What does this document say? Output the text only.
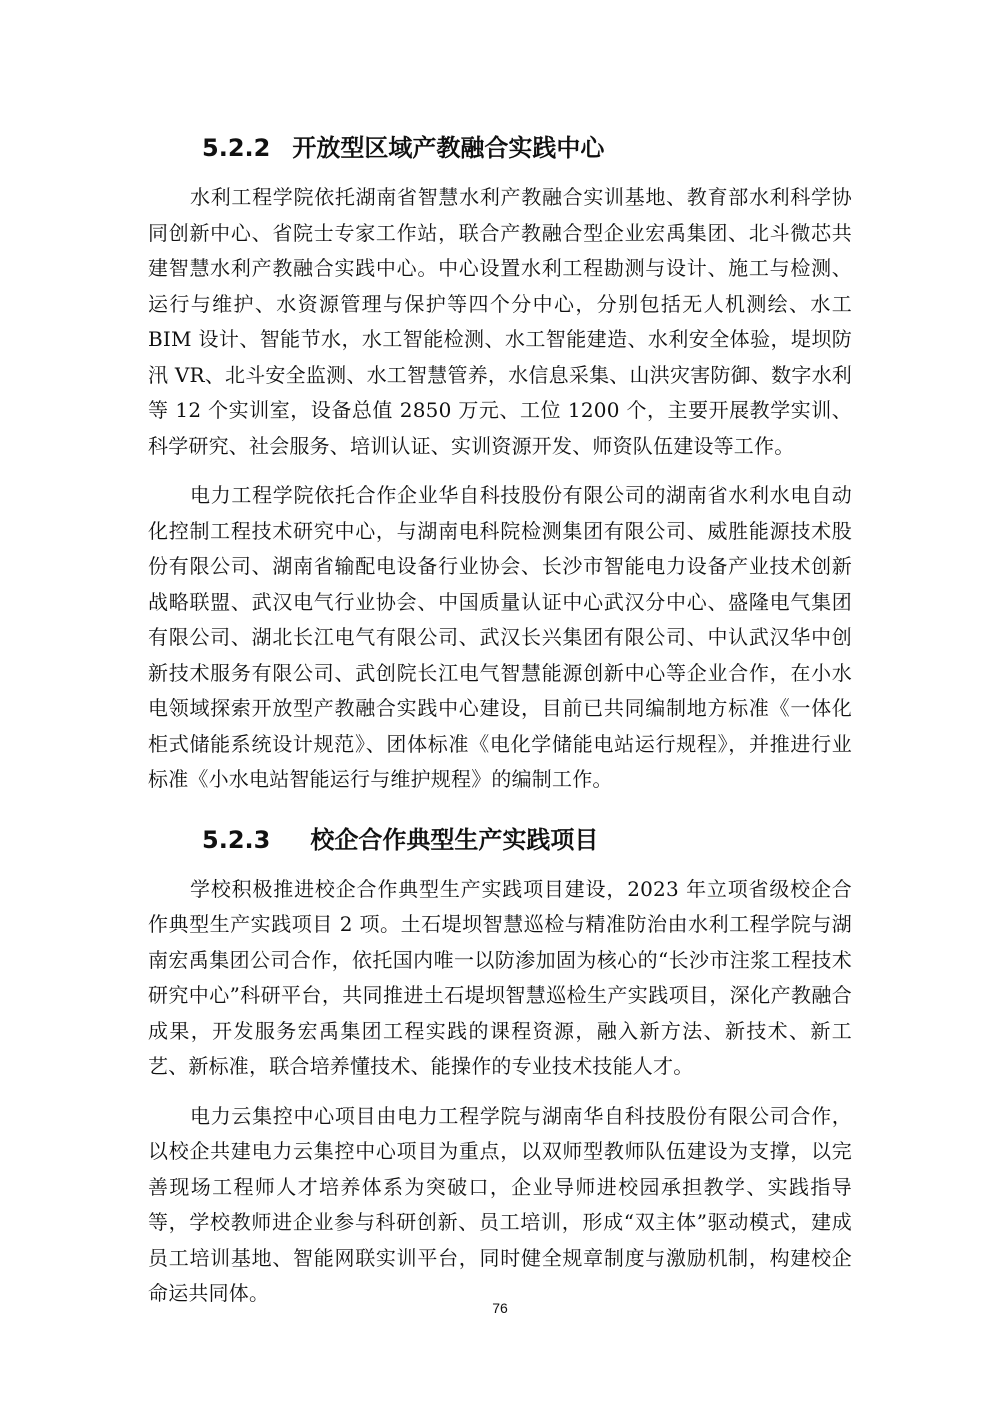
5.2.2 开放型区域产教融合实践中心

水利工程学院依托湖南省智慧水利产教融合实训基地、教育部水利科学协同创新中心、省院士专家工作站，联合产教融合型企业宏禹集团、北斗微芯共建智慧水利产教融合实践中心。中心设置水利工程勘测与设计、施工与检测、运行与维护、水资源管理与保护等四个分中心，分别包括无人机测绘、水工 BIM 设计、智能节水，水工智能检测、水工智能建造、水利安全体验，堤坝防汛 VR、北斗安全监测、水工智慧管养，水信息采集、山洪灾害防御、数字水利等 12 个实训室，设备总值 2850 万元、工位 1200 个，主要开展教学实训、科学研究、社会服务、培训认证、实训资源开发、师资队伍建设等工作。

电力工程学院依托合作企业华自科技股份有限公司的湖南省水利水电自动化控制工程技术研究中心，与湖南电科院检测集团有限公司、威胜能源技术股份有限公司、湖南省输配电设备行业协会、长沙市智能电力设备产业技术创新战略联盟、武汉电气行业协会、中国质量认证中心武汉分中心、盛隆电气集团有限公司、湖北长江电气有限公司、武汉长兴集团有限公司、中认武汉华中创新技术服务有限公司、武创院长江电气智慧能源创新中心等企业合作，在小水电领域探索开放型产教融合实践中心建设，目前已共同编制地方标准《一体化柜式储能系统设计规范》、团体标准《电化学储能电站运行规程》，并推进行业标准《小水电站智能运行与维护规程》的编制工作。

5.2.3 校企合作典型生产实践项目

学校积极推进校企合作典型生产实践项目建设，2023 年立项省级校企合作典型生产实践项目 2 项。土石堤坝智慧巡检与精准防治由水利工程学院与湖南宏禹集团公司合作，依托国内唯一以防渗加固为核心的“长沙市注浆工程技术研究中心”科研平台，共同推进土石堤坝智慧巡检生产实践项目，深化产教融合成果，开发服务宏禹集团工程实践的课程资源，融入新方法、新技术、新工艺、新标准，联合培养懂技术、能操作的专业技术技能人才。

电力云集控中心项目由电力工程学院与湖南华自科技股份有限公司合作，以校企共建电力云集控中心项目为重点，以双师型教师队伍建设为支撑，以完善现场工程师人才培养体系为突破口，企业导师进校园承担教学、实践指导等，学校教师进企业参与科研创新、员工培训，形成“双主体”驱动模式，建成员工培训基地、智能网联实训平台，同时健全规章制度与激励机制，构建校企命运共同体。

76
